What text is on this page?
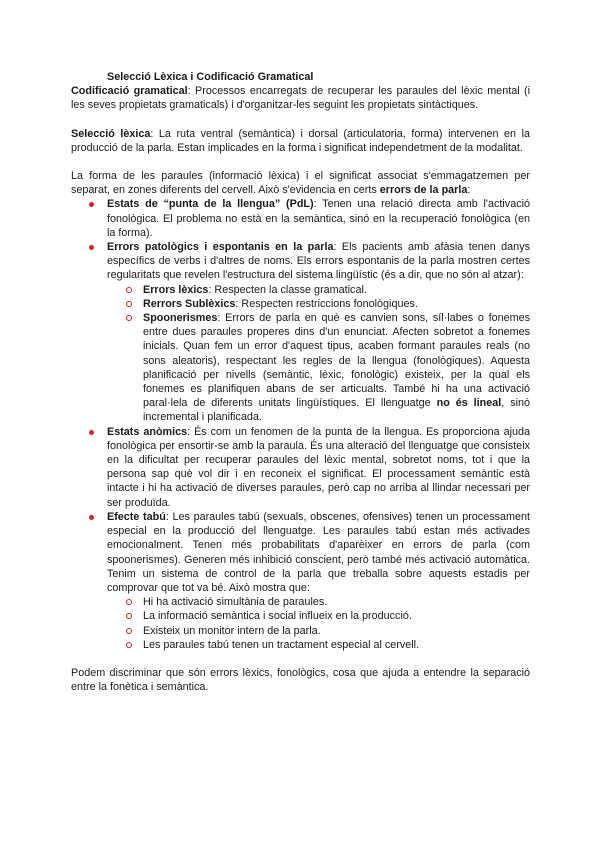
Selecció Lèxica i Codificació Gramatical

Codificació gramatical: Processos encarregats de recuperar les paraules del lèxic mental (i les seves propietats gramaticals) i d'organitzar-les seguint les propietats sintàctiques.

Selecció lèxica: La ruta ventral (semàntica) i dorsal (articulatoria, forma) intervenen en la producció de la parla. Estan implicades en la forma i significat independetment de la modalitat.

La forma de les paraules (informació lèxica) i el significat associat s'emmagatzemen per separat, en zones diferents del cervell. Això s'evidencia en certs errors de la parla:

Estats de “punta de la llengua” (PdL): Tenen una relació directa amb l'activació fonològica. El problema no està en la semàntica, sinó en la recuperació fonològica (en la forma).
Errors patològics i espontanis en la parla: Els pacients amb afàsia tenen danys específics de verbs i d'altres de noms. Els errors espontanis de la parla mostren certes regularitats que revelen l'estructura del sistema lingüístic (és a dir, que no són al atzar):
Errors lèxics: Respecten la classe gramatical.
Rerrors Sublèxics: Respecten restriccions fonològiques.
Spoonerismes: Errors de parla en què es canvien sons, síl·labes o fonemes entre dues paraules properes dins d'un enunciat. Afecten sobretot a fonemes inicials. Quan fem un error d'aquest tipus, acaben formant paraules reals (no sons aleatoris), respectant les regles de la llengua (fonològiques). Aquesta planificació per nivells (semàntic, lèxic, fonològic) existeix, per la qual els fonemes es planifiquen abans de ser articualts. També hi ha una activació paral·lela de diferents unitats lingüístiques. El llenguatge no és lineal, sinó incremental i planificada.
Estats anòmics: És com un fenomen de la punta de la llengua. Es proporciona ajuda fonològica per ensortir-se amb la paraula. És una alteració del llenguatge que consisteix en la dificultat per recuperar paraules del lèxic mental, sobretot noms, tot i que la persona sap què vol dir i en reconeix el significat. El processament semàntic està intacte i hi ha activació de diverses paraules, però cap no arriba al llindar necessari per ser produïda.
Efecte tabú: Les paraules tabú (sexuals, obscenes, ofensives) tenen un processament especial en la producció del llenguatge. Les paraules tabú estan més activades emocionalment. Tenen més probabilitats d'aparèixer en errors de parla (com spoonerismes). Generen més inhibició conscient, però també més activació automàtica. Tenim un sistema de control de la parla que treballa sobre aquests estadis per comprovar que tot va bé. Això mostra que:
Hi ha activació simultània de paraules.
La informació semàntica i social influeix en la producció.
Existeix un monitor intern de la parla.
Les paraules tabú tenen un tractament especial al cervell.

Podem discriminar que són errors lèxics, fonològics, cosa que ajuda a entendre la separació entre la fonètica i semàntica.
